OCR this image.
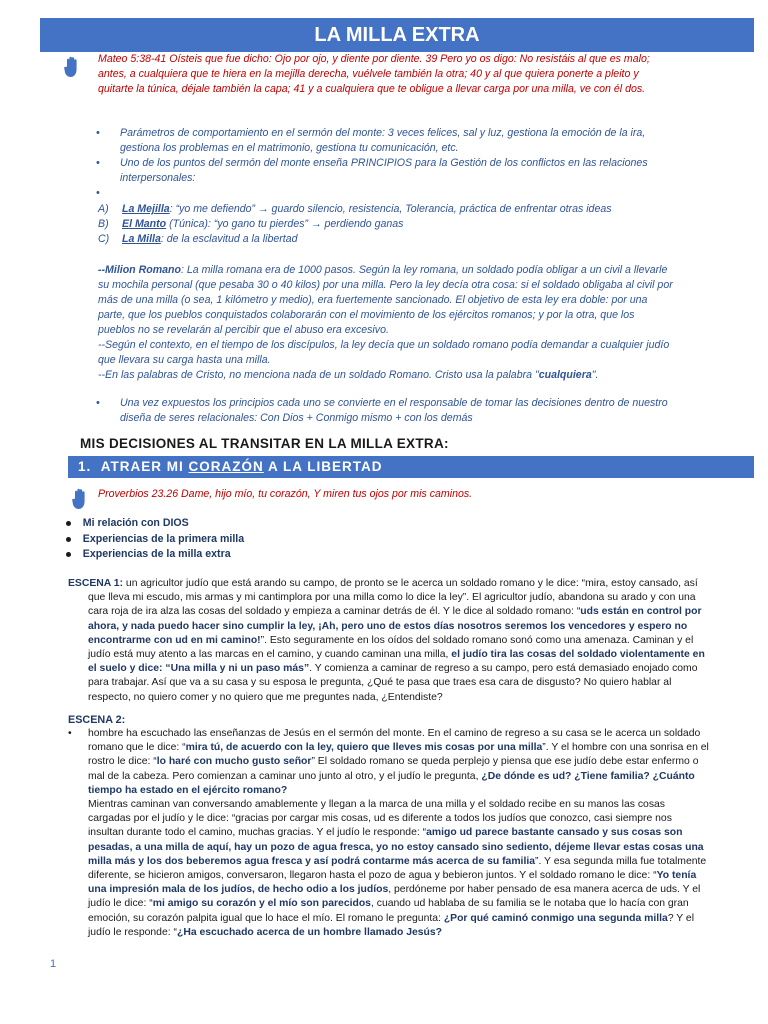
LA MILLA EXTRA
Mateo 5:38-41 Oísteis que fue dicho: Ojo por ojo, y diente por diente. 39 Pero yo os digo: No resistáis al que es malo; antes, a cualquiera que te hiera en la mejilla derecha, vuélvele también la otra; 40 y al que quiera ponerte a pleito y quitarte la túnica, déjale también la capa; 41 y a cualquiera que te obligue a llevar carga por una milla, ve con él dos.
• Parámetros de comportamiento en el sermón del monte: 3 veces felices, sal y luz, gestiona la emoción de la ira, gestiona los problemas en el matrimonio, gestiona tu comunicación, etc.
• Uno de los puntos del sermón del monte enseña PRINCIPIOS para la Gestión de los conflictos en las relaciones interpersonales:
•
A) La Mejilla: “yo me defiendo” → guardo silencio, resistencia, Tolerancia, práctica de enfrentar otras ideas
B) El Manto (Túnica): “yo gano tu pierdes” → perdiendo ganas
C) La Milla: de la esclavitud a la libertad
--Milion Romano: La milla romana era de 1000 pasos. Según la ley romana, un soldado podía obligar a un civil a llevarle su mochila personal (que pesaba 30 o 40 kilos) por una milla. Pero la ley decía otra cosa: si el soldado obligaba al civil por más de una milla (o sea, 1 kilómetro y medio), era fuertemente sancionado. El objetivo de esta ley era doble: por una parte, que los pueblos conquistados colaborarán con el movimiento de los ejércitos romanos; y por la otra, que los pueblos no se revelarán al percibir que el abuso era excesivo.
--Según el contexto, en el tiempo de los discípulos, la ley decía que un soldado romano podía demandar a cualquier judío que llevara su carga hasta una milla.
--En las palabras de Cristo, no menciona nada de un soldado Romano. Cristo usa la palabra "cualquiera".
• Una vez expuestos los principios cada uno se convierte en el responsable de tomar las decisiones dentro de nuestro diseña de seres relacionales: Con Dios + Conmigo mismo + con los demás
MIS DECISIONES AL TRANSITAR EN LA MILLA EXTRA:
1. ATRAER MI CORAZÓN A LA LIBERTAD
Proverbios 23.26 Dame, hijo mío, tu corazón, Y miren tus ojos por mis caminos.
Mi relación con DIOS
Experiencias de la primera milla
Experiencias de la milla extra
ESCENA 1: un agricultor judío que está arando su campo, de pronto se le acerca un soldado romano y le dice: “mira, estoy cansado, así que lleva mi escudo, mis armas y mi cantimplora por una milla como lo dice la ley”. El agricultor judío, abandona su arado y con una cara roja de ira alza las cosas del soldado y empieza a caminar detrás de él. Y le dice al soldado romano: “uds están en control por ahora, y nada puedo hacer sino cumplir la ley, ¡Ah, pero uno de estos días nosotros seremos los vencedores y espero no encontrarme con ud en mi camino!”. Esto seguramente en los oídos del soldado romano sonó como una amenaza. Caminan y el judío está muy atento a las marcas en el camino, y cuando caminan una milla, el judío tira las cosas del soldado violentamente en el suelo y dice: “Una milla y ni un paso más”. Y comienza a caminar de regreso a su campo, pero está demasiado enojado como para trabajar. Así que va a su casa y su esposa le pregunta, ¿Qué te pasa que traes esa cara de disgusto? No quiero hablar al respecto, no quiero comer y no quiero que me preguntes nada, ¿Entendiste?
ESCENA 2:
• hombre ha escuchado las enseñanzas de Jesús en el sermón del monte. En el camino de regreso a su casa se le acerca un soldado romano que le dice: “mira tú, de acuerdo con la ley, quiero que lleves mis cosas por una milla”. Y el hombre con una sonrisa en el rostro le dice: “lo haré con mucho gusto señor” El soldado romano se queda perplejo y piensa que ese judío debe estar enfermo o mal de la cabeza. Pero comienzan a caminar uno junto al otro, y el judío le pregunta, ¿De dónde es ud? ¿Tiene familia? ¿Cuánto tiempo ha estado en el ejército romano?
Mientras caminan van conversando amablemente y llegan a la marca de una milla y el soldado recibe en su manos las cosas cargadas por el judío y le dice: “gracias por cargar mis cosas, ud es diferente a todos los judíos que conozco, casi siempre nos insultan durante todo el camino, muchas gracias. Y el judío le responde: “amigo ud parece bastante cansado y sus cosas son pesadas, a una milla de aquí, hay un pozo de agua fresca, yo no estoy cansado sino sediento, déjeme llevar estas cosas una milla más y los dos beberemos agua fresca y así podrá contarme más acerca de su familia”. Y esa segunda milla fue totalmente diferente, se hicieron amigos, conversaron, llegaron hasta el pozo de agua y bebieron juntos. Y el soldado romano le dice: “Yo tenía una impresión mala de los judíos, de hecho odio a los judíos, perdóneme por haber pensado de esa manera acerca de uds. Y el judío le dice: “mi amigo su corazón y el mío son parecidos, cuando ud hablaba de su familia se le notaba que lo hacía con gran emoción, su corazón palpita igual que lo hace el mío. El romano le pregunta: ¿Por qué caminó conmigo una segunda milla? Y el judío le responde: “¿Ha escuchado acerca de un hombre llamado Jesús?
1
